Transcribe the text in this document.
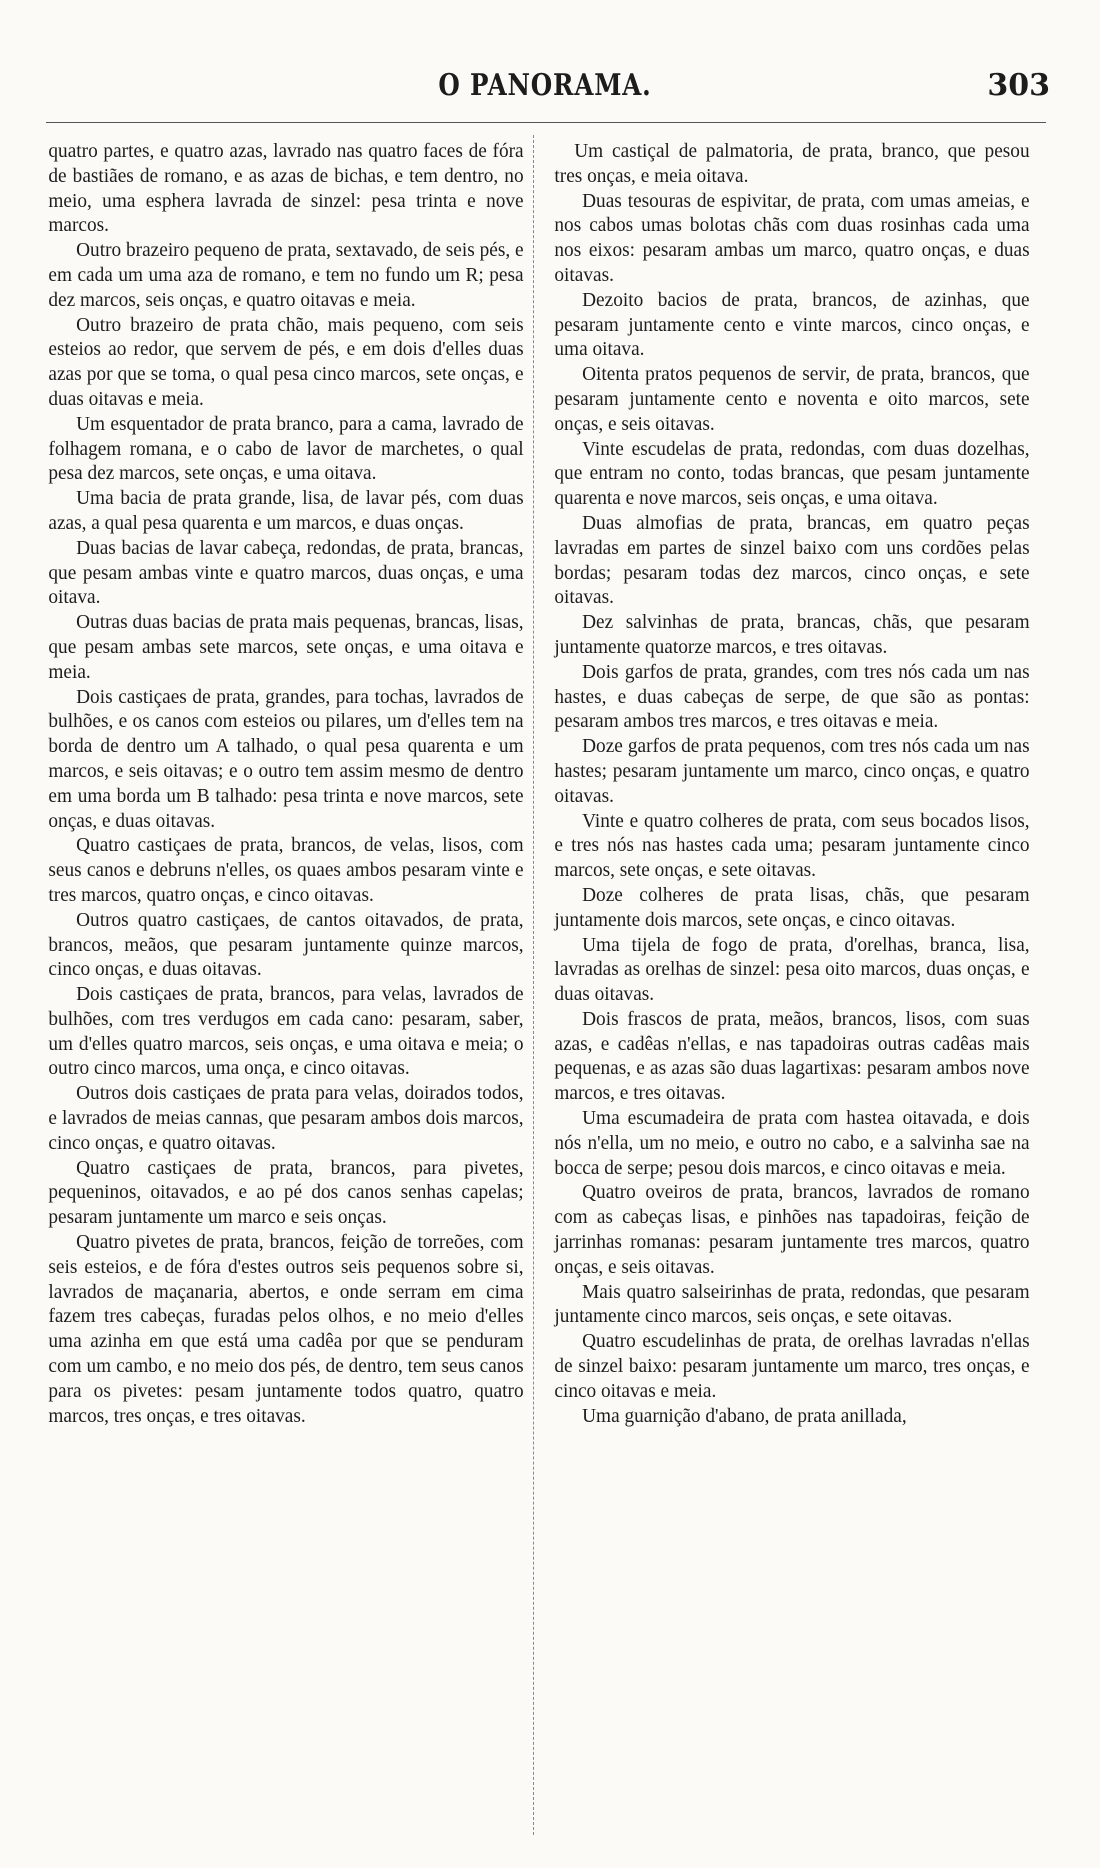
O PANORAMA.	303

quatro partes, e quatro azas, lavrado nas quatro faces de fóra de bastiães de romano, e as azas de bichas, e tem dentro, no meio, uma esphera lavrada de sinzel: pesa trinta e nove marcos.

Outro brazeiro pequeno de prata, sextavado, de seis pés, e em cada um uma aza de romano, e tem no fundo um R; pesa dez marcos, seis onças, e quatro oitavas e meia.

Outro brazeiro de prata chão, mais pequeno, com seis esteios ao redor, que servem de pés, e em dois d'elles duas azas por que se toma, o qual pesa cinco marcos, sete onças, e duas oitavas e meia.

Um esquentador de prata branco, para a cama, lavrado de folhagem romana, e o cabo de lavor de marchetes, o qual pesa dez marcos, sete onças, e uma oitava.

Uma bacia de prata grande, lisa, de lavar pés, com duas azas, a qual pesa quarenta e um marcos, e duas onças.

Duas bacias de lavar cabeça, redondas, de prata, brancas, que pesam ambas vinte e quatro marcos, duas onças, e uma oitava.

Outras duas bacias de prata mais pequenas, brancas, lisas, que pesam ambas sete marcos, sete onças, e uma oitava e meia.

Dois castiçaes de prata, grandes, para tochas, lavrados de bulhões, e os canos com esteios ou pilares, um d'elles tem na borda de dentro um A talhado, o qual pesa quarenta e um marcos, e seis oitavas; e o outro tem assim mesmo de dentro em uma borda um B talhado: pesa trinta e nove marcos, sete onças, e duas oitavas.

Quatro castiçaes de prata, brancos, de velas, lisos, com seus canos e debruns n'elles, os quaes ambos pesaram vinte e tres marcos, quatro onças, e cinco oitavas.

Outros quatro castiçaes, de cantos oitavados, de prata, brancos, meãos, que pesaram juntamente quinze marcos, cinco onças, e duas oitavas.

Dois castiçaes de prata, brancos, para velas, lavrados de bulhões, com tres verdugos em cada cano: pesaram, saber, um d'elles quatro marcos, seis onças, e uma oitava e meia; o outro cinco marcos, uma onça, e cinco oitavas.

Outros dois castiçaes de prata para velas, doirados todos, e lavrados de meias cannas, que pesaram ambos dois marcos, cinco onças, e quatro oitavas.

Quatro castiçaes de prata, brancos, para pivetes, pequeninos, oitavados, e ao pé dos canos senhas capelas; pesaram juntamente um marco e seis onças.

Quatro pivetes de prata, brancos, feição de torreões, com seis esteios, e de fóra d'estes outros seis pequenos sobre si, lavrados de maçanaria, abertos, e onde serram em cima fazem tres cabeças, furadas pelos olhos, e no meio d'elles uma azinha em que está uma cadêa por que se penduram com um cambo, e no meio dos pés, de dentro, tem seus canos para os pivetes: pesam juntamente todos quatro, quatro marcos, tres onças, e tres oitavas.

Um castiçal de palmatoria, de prata, branco, que pesou tres onças, e meia oitava.

Duas tesouras de espivitar, de prata, com umas ameias, e nos cabos umas bolotas chãs com duas rosinhas cada uma nos eixos: pesaram ambas um marco, quatro onças, e duas oitavas.

Dezoito bacios de prata, brancos, de azinhas, que pesaram juntamente cento e vinte marcos, cinco onças, e uma oitava.

Oitenta pratos pequenos de servir, de prata, brancos, que pesaram juntamente cento e noventa e oito marcos, sete onças, e seis oitavas.

Vinte escudelas de prata, redondas, com duas dozelhas, que entram no conto, todas brancas, que pesam juntamente quarenta e nove marcos, seis onças, e uma oitava.

Duas almofias de prata, brancas, em quatro peças lavradas em partes de sinzel baixo com uns cordões pelas bordas; pesaram todas dez marcos, cinco onças, e sete oitavas.

Dez salvinhas de prata, brancas, chãs, que pesaram juntamente quatorze marcos, e tres oitavas.

Dois garfos de prata, grandes, com tres nós cada um nas hastes, e duas cabeças de serpe, de que são as pontas: pesaram ambos tres marcos, e tres oitavas e meia.

Doze garfos de prata pequenos, com tres nós cada um nas hastes; pesaram juntamente um marco, cinco onças, e quatro oitavas.

Vinte e quatro colheres de prata, com seus bocados lisos, e tres nós nas hastes cada uma; pesaram juntamente cinco marcos, sete onças, e sete oitavas.

Doze colheres de prata lisas, chãs, que pesaram juntamente dois marcos, sete onças, e cinco oitavas.

Uma tijela de fogo de prata, d'orelhas, branca, lisa, lavradas as orelhas de sinzel: pesa oito marcos, duas onças, e duas oitavas.

Dois frascos de prata, meãos, brancos, lisos, com suas azas, e cadêas n'ellas, e nas tapadoiras outras cadêas mais pequenas, e as azas são duas lagartixas: pesaram ambos nove marcos, e tres oitavas.

Uma escumadeira de prata com hastea oitavada, e dois nós n'ella, um no meio, e outro no cabo, e a salvinha sae na bocca de serpe; pesou dois marcos, e cinco oitavas e meia.

Quatro oveiros de prata, brancos, lavrados de romano com as cabeças lisas, e pinhões nas tapadoiras, feição de jarrinhas romanas: pesaram juntamente tres marcos, quatro onças, e seis oitavas.

Mais quatro salseirinhas de prata, redondas, que pesaram juntamente cinco marcos, seis onças, e sete oitavas.

Quatro escudelinhas de prata, de orelhas lavradas n'ellas de sinzel baixo: pesaram juntamente um marco, tres onças, e cinco oitavas e meia.

Uma guarnição d'abano, de prata anillada,
